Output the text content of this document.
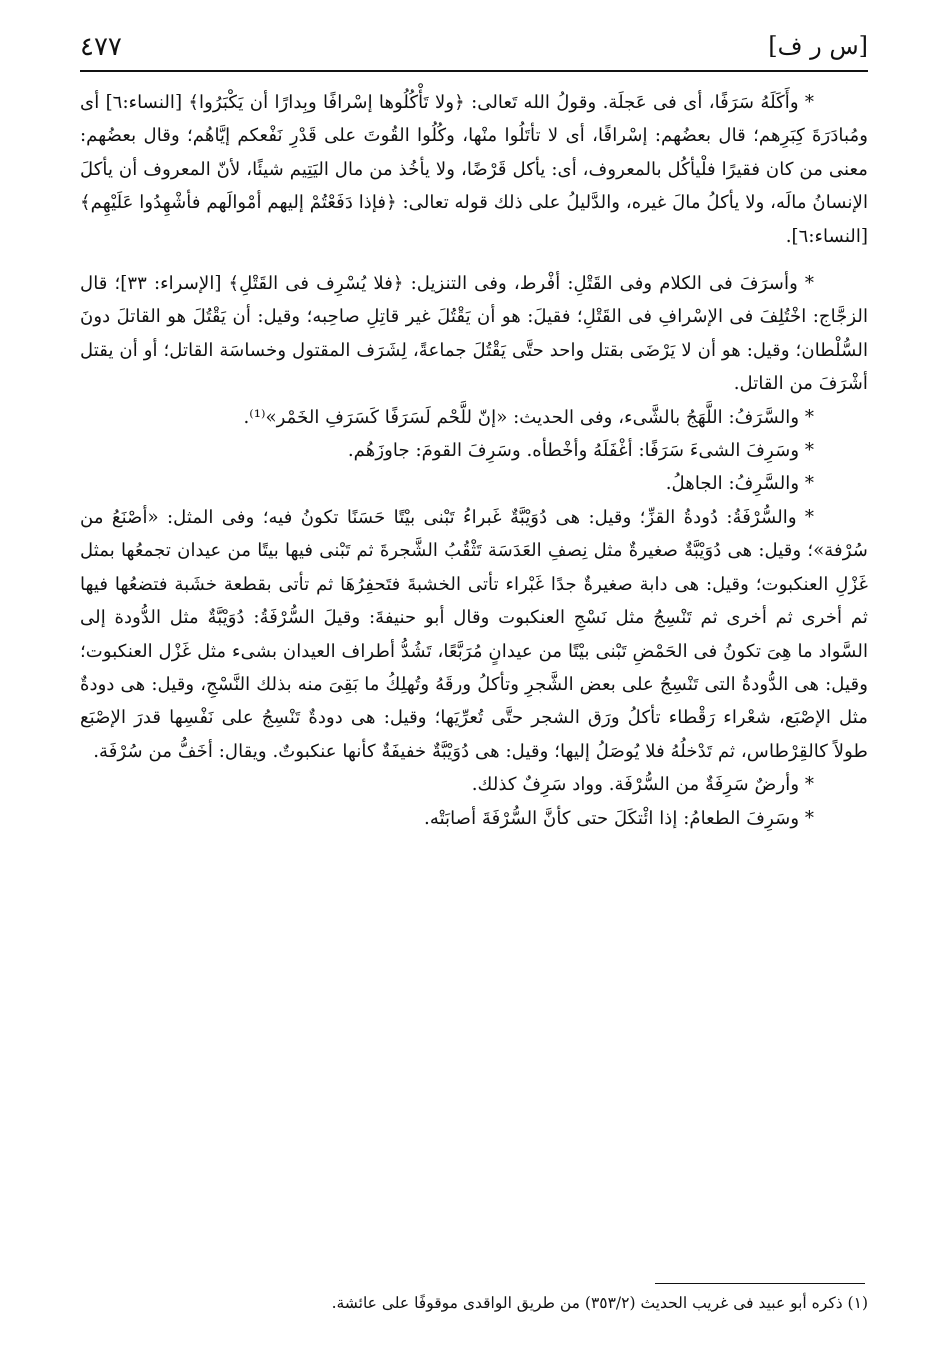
٤٧٧	[س ر ف]

* وأَكَلَهُ سَرَفًا، أى فى عَجلَة. وقولُ الله تَعالى: ﴿ولا تَأْكُلُوها إسْرافًا وبِدارًا أن يَكْبَرُوا﴾ [النساء:٦] أى ومُبادَرَةَ كِبَرِهم؛ قال بعضُهم: إسْرافًا، أى لا تأتَلُوا منْها، وكُلُوا القُوتَ على قَدْرِ نَفْعكم إيَّاهُم؛ وقال بعضُهم: معنى من كان فقيرًا فلْيأكُل بالمعروف، أى: يأكل قَرْضًا، ولا يأخُذ من مال اليَتِيم شيئًا، لأنّ المعروف أن يأكلَ الإنسانُ مالَه، ولا يأكلُ مالَ غيره، والدَّليلُ على ذلك قوله تعالى: ﴿فإذا دَفَعْتُمْ إليهم أمْوالَهم فأشْهِدُوا عَلَيْهِم﴾ [النساء:٦].

* وأسرَفَ فى الكلام وفى القَتْلِ: أفْرط، وفى التنزيل: ﴿فلا يُسْرِف فى القَتْلِ﴾ [الإسراء: ٣٣]؛ قال الزجَّاج: اخْتُلِفَ فى الإسْرافِ فى القَتْلِ؛ فقيلَ: هو أن يَقْتُلَ غير قاتِلِ صاحِبه؛ وقيل: أن يَقْتُلَ هو القاتلَ دونَ السُّلْطان؛ وقيل: هو أن لا يَرْضَى بقتل واحد حتَّى يَقْتُلَ جماعةً، لِشَرَف المقتول وخساسَة القاتل؛ أو أن يقتل أشْرَفَ من القاتل.

* والسَّرَفُ: اللَّهَجُ بالشَّىء، وفى الحديث: «إنّ للَّحْم لَسَرَفًا كَسَرَفِ الخَمْر»⁽¹⁾.

* وسَرِفَ الشىءَ سَرَفًا: أغْفَلَهُ وأخْطأه. وسَرِفَ القومَ: جاوزَهُم.

* والسَّرِفُ: الجاهلُ.

* والسُّرْفَةُ: دُودةُ القزِّ؛ وقيل: هى دُوَيْبَّةٌ غَبراءُ تَبْنى بيْتًا حَسَنًا تكونُ فيه؛ وفى المثل: «أصْنَعُ من سُرْفة»؛ وقيل: هى دُوَيْبَّةٌ صغيرةٌ مثل نِصفِ العَدَسَة تَثْقُبُ الشَّجرةَ ثم تَبْنى فيها بيتًا من عيدان تجمعُها بمثل غَزْلِ العنكبوت؛ وقيل: هى دابة صغيرةٌ جدًا غَبْراء تأتى الخشبةَ فتَحفِرُهَا ثم تأتى بقطعة خشَبة فتضعُها فيها ثم أخرى ثم أخرى ثم تَنْسِجُ مثل نَسْجِ العنكبوت وقال أبو حنيفةَ: وقيلَ السُّرْفَةُ: دُوَيْبَّةٌ مثل الدُّودة إلى السَّواد ما هِىَ تكونُ فى الحَمْضِ تَبْنى بيْتًا من عيدانٍ مُرَبَّعًا، تَشُدُّ أطراف العيدان بشىء مثل غَزْل العنكبوت؛ وقيل: هى الدُّودةُ التى تَنْسِجُ على بعض الشَّجرِ وتأكلُ ورقَهُ وتُهلِكُ ما بَقِىَ منه بذلك النَّسْجِ، وقيل: هى دودةٌ مثل الإصْبَع، شعْراء رَقْطاء تأكلُ ورَق الشجر حتَّى تُعرِّيَها؛ وقيل: هى دودةٌ تَنْسِجُ على نَفْسِها قدرَ الإصْبَع طولاً كالقِرْطاس، ثم تَدْخلُهُ فلا يُوصَلُ إليها؛ وقيل: هى دُوَيْبَّةٌ خفيفَةٌ كأنها عنكبوتٌ. ويقال: أخَفُّ من سُرْفَة.

* وأرضٌ سَرِفَةٌ من السُّرْفَة. وواد سَرِفٌ كذلك.

* وسَرِفَ الطعامُ: إذا ائْتكَلَ حتى كأنَّ السُّرْفَةَ أصابَتْه.

(١) ذكره أبو عبيد فى غريب الحديث (٣٥٣/٢) من طريق الواقدى موقوفًا على عائشة.
